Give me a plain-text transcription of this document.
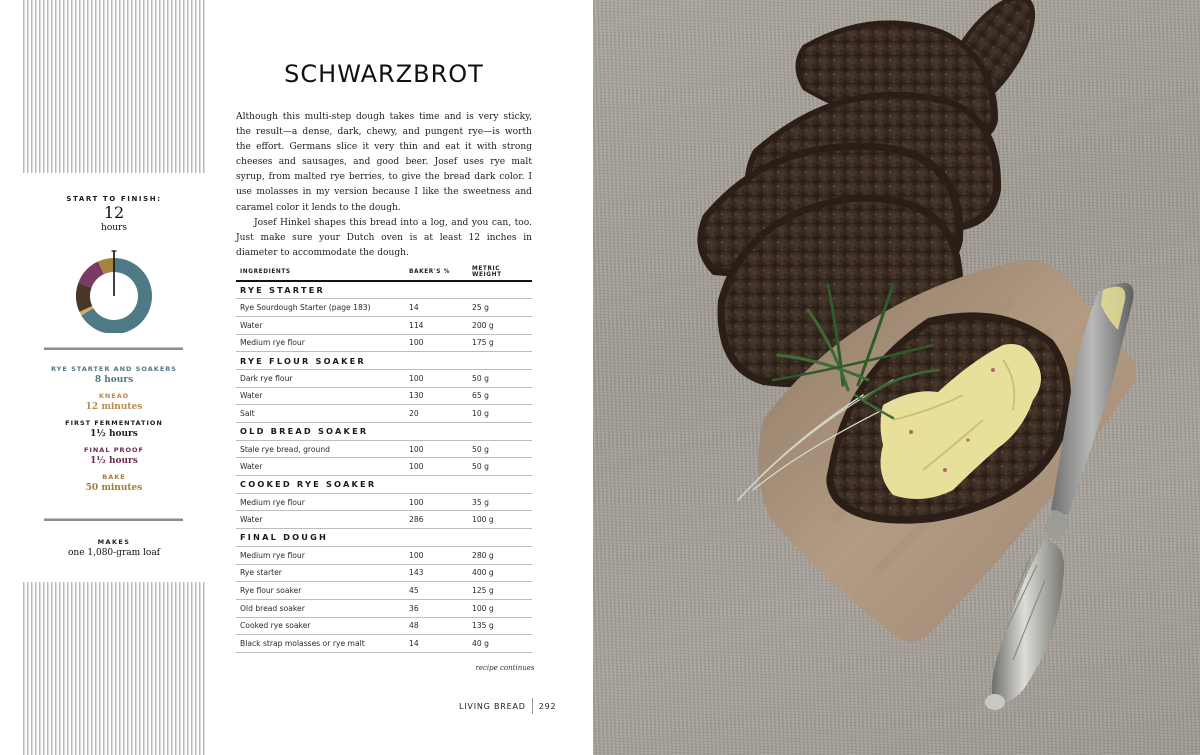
START TO FINISH:
12
hours
RYE STARTER AND SOAKERS
8 hours
KNEAD
12 minutes
FIRST FERMENTATION
1½ hours
FINAL PROOF
1½ hours
BAKE
50 minutes
MAKES
one 1,080-gram loaf
SCHWARZBROT

Although this multi-step dough takes time and is very sticky, the result—a dense, dark, chewy, and pungent rye—is worth the effort. Germans slice it very thin and eat it with strong cheeses and sausages, and good beer. Josef uses rye malt syrup, from malted rye berries, to give the bread dark color. I use molasses in my version because I like the sweetness and caramel color it lends to the dough.

Josef Hinkel shapes this bread into a log, and you can, too. Just make sure your Dutch oven is at least 12 inches in diameter to accommodate the dough.

INGREDIENTS	BAKER'S %	METRIC WEIGHT
RYE STARTER		
Rye Sourdough Starter (page 183)	14	25 g
Water	114	200 g
Medium rye flour	100	175 g
RYE FLOUR SOAKER		
Dark rye flour	100	50 g
Water	130	65 g
Salt	20	10 g
OLD BREAD SOAKER		
Stale rye bread, ground	100	50 g
Water	100	50 g
COOKED RYE SOAKER		
Medium rye flour	100	35 g
Water	286	100 g
FINAL DOUGH		
Medium rye flour	100	280 g
Rye starter	143	400 g
Rye flour soaker	45	125 g
Old bread soaker	36	100 g
Cooked rye soaker	48	135 g
Black strap molasses or rye malt	14	40 g
recipe continues
LIVING BREAD 292
